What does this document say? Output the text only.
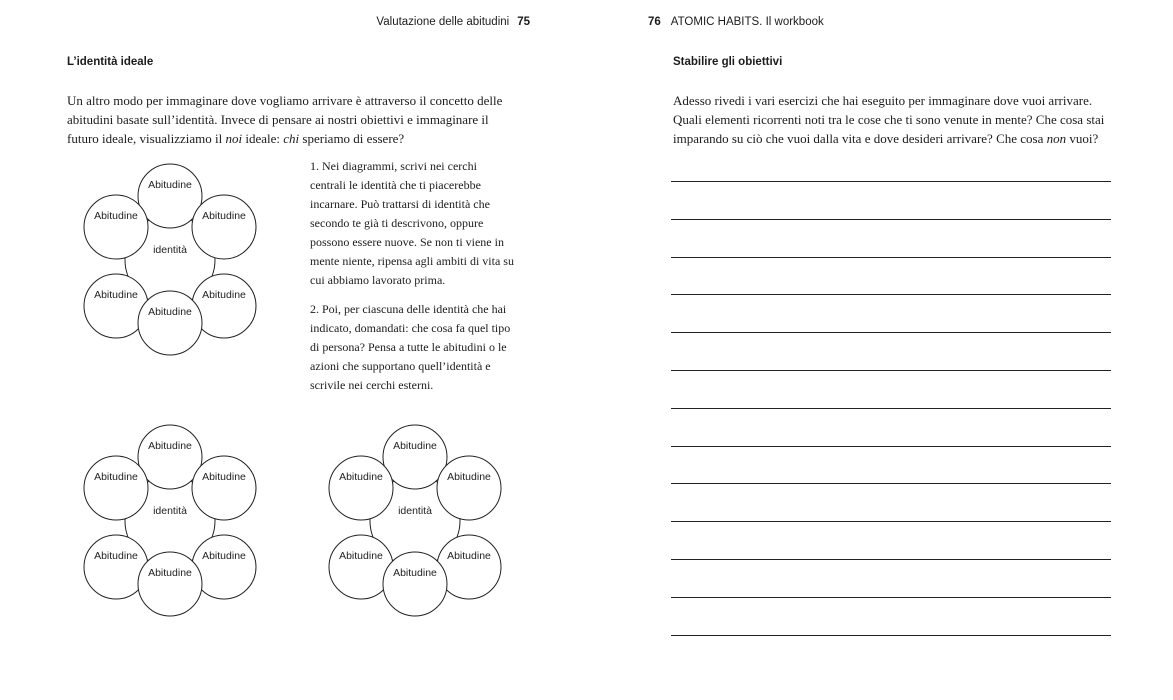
Valutazione delle abitudini 75	76 ATOMIC HABITS. Il workbook
L’identità ideale

Un altro modo per immaginare dove vogliamo arrivare è attraverso il concetto delle abitudini basate sull’identità. Invece di pensare ai nostri obiettivi e immaginare il futuro ideale, visualizziamo il noi ideale: chi speriamo di essere?

1. Nei diagrammi, scrivi nei cerchi centrali le identità che ti piacerebbe incarnare. Può trattarsi di identità che secondo te già ti descrivono, oppure possono essere nuove. Se non ti viene in mente niente, ripensa agli ambiti di vita su cui abbiamo lavorato prima.

2. Poi, per ciascuna delle identità che hai indicato, domandati: che cosa fa quel tipo di persona? Pensa a tutte le abitudini o le azioni che supportano quell’identità e scrivile nei cerchi esterni.

identità
Abitudine
Abitudine	Abitudine
Abitudine	Abitudine
Abitudine
identità
Abitudine
Abitudine	Abitudine
Abitudine	Abitudine
Abitudine
identità
Abitudine
Abitudine	Abitudine
Abitudine	Abitudine
Abitudine
Stabilire gli obiettivi

Adesso rivedi i vari esercizi che hai eseguito per immaginare dove vuoi arrivare. Quali elementi ricorrenti noti tra le cose che ti sono venute in mente? Che cosa stai imparando su ciò che vuoi dalla vita e dove desideri arrivare? Che cosa non vuoi?
